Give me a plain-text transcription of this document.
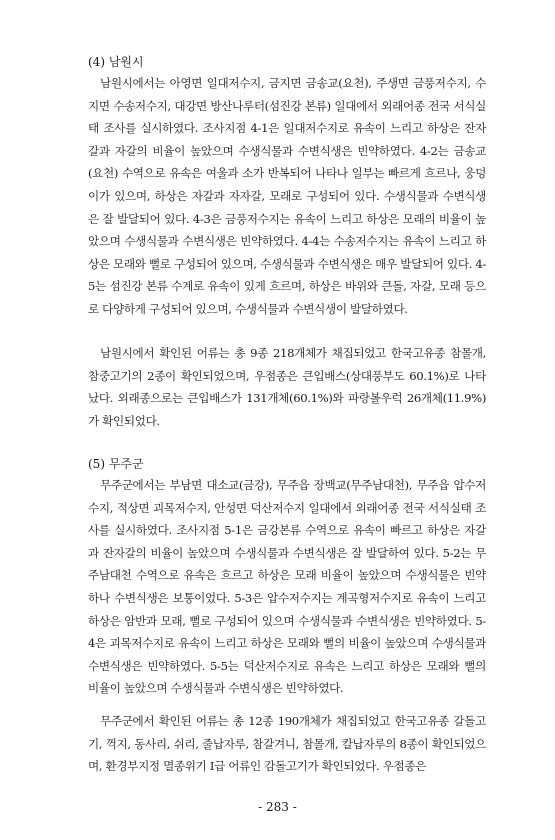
(4) 남원시

남원시에서는 아영면 일대저수지, 금지면 금송교(요천), 주생면 금풍저수지, 수지면 수송저수지, 대강면 방산나루터(섬진강 본류) 일대에서 외래어종 전국 서식실태 조사를 실시하였다. 조사지점 4-1은 일대저수지로 유속이 느리고 하상은 잔자갈과 자갈의 비율이 높았으며 수생식물과 수변식생은 빈약하였다. 4-2는 금송교(요천) 수역으로 유속은 여울과 소가 반복되어 나타나 일부는 빠르게 흐르나, 웅덩이가 있으며, 하상은 자갈과 자자갈, 모래로 구성되어 있다. 수생식물과 수변식생은 잘 발달되어 있다. 4-3은 금풍저수지는 유속이 느리고 하상은 모래의 비율이 높았으며 수생식물과 수변식생은 빈약하였다. 4-4는 수송저수지는 유속이 느리고 하상은 모래와 뻘로 구성되어 있으며, 수생식물과 수변식생은 매우 발달되어 있다. 4-5는 섬진강 본류 수계로 유속이 있게 흐르며, 하상은 바위와 큰돌, 자갈, 모래 등으로 다양하게 구성되어 있으며, 수생식물과 수변식생이 발달하였다.

남원시에서 확인된 어류는 총 9종 218개체가 채집되었고 한국고유종 참몰개, 참중고기의 2종이 확인되었으며, 우점종은 큰입배스(상대풍부도 60.1%)로 나타났다. 외래종으로는 큰입배스가 131개체(60.1%)와 파랑볼우럭 26개체(11.9%)가 확인되었다.

(5) 무주군

무주군에서는 부남면 대소교(금강), 무주읍 장백교(무주남대천), 무주읍 압수저수지, 적상면 괴목저수지, 안성면 덕산저수지 일대에서 외래어종 전국 서식실태 조사를 실시하였다. 조사지점 5-1은 금강본류 수역으로 유속이 빠르고 하상은 자갈과 잔자갈의 비율이 높았으며 수생식물과 수변식생은 잘 발달하여 있다. 5-2는 무주남대천 수역으로 유속은 흐르고 하상은 모래 비율이 높았으며 수생식물은 빈약하나 수변식생은 보통이었다. 5-3은 압수저수지는 계곡형저수지로 유속이 느리고 하상은 암반과 모래, 뻘로 구성되어 있으며 수생식물과 수변식생은 빈약하였다. 5-4은 괴목저수지로 유속이 느리고 하상은 모래와 뻘의 비율이 높았으며 수생식물과 수변식생은 빈약하였다. 5-5는 덕산저수지로 유속은 느리고 하상은 모래와 뻘의 비율이 높았으며 수생식물과 수변식생은 빈약하였다.

무주군에서 확인된 어류는 총 12종 190개체가 채집되었고 한국고유종 갈돌고기, 꺽지, 동사리, 쉬리, 줄납자루, 참갈겨니, 참몰개, 칼납자루의 8종이 확인되었으며, 환경부지정 멸종위기 I급 어류인 감돌고기가 확인되었다. 우점종은

- 283 -
